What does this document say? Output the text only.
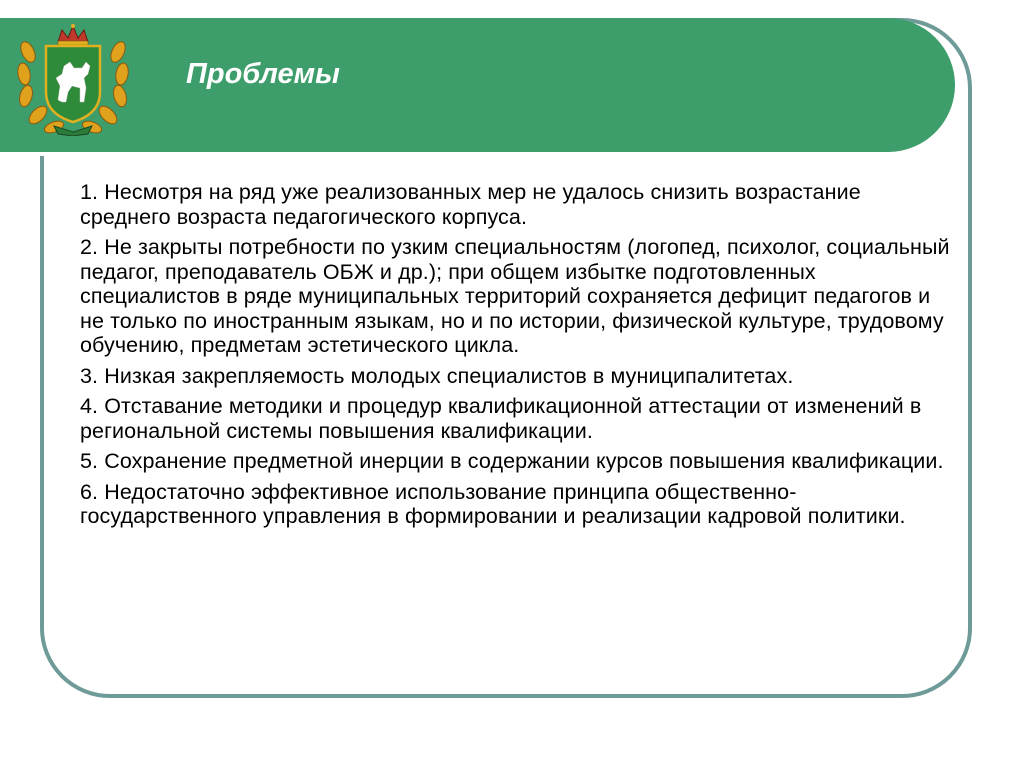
Проблемы
1. Несмотря на ряд уже реализованных мер не удалось снизить возрастание среднего возраста педагогического корпуса.
2. Не закрыты потребности по узким специальностям (логопед, психолог, социальный педагог, преподаватель ОБЖ и др.); при общем избытке подготовленных специалистов в ряде муниципальных территорий сохраняется дефицит педагогов и не только по иностранным языкам, но и по истории, физической культуре, трудовому обучению, предметам эстетического цикла.
3. Низкая закрепляемость молодых специалистов в муниципалитетах.
4. Отставание методики и процедур квалификационной аттестации от изменений в региональной системы повышения квалификации.
5. Сохранение предметной инерции в содержании курсов повышения квалификации.
6. Недостаточно эффективное использование принципа общественно-государственного управления в формировании и реализации кадровой политики.
